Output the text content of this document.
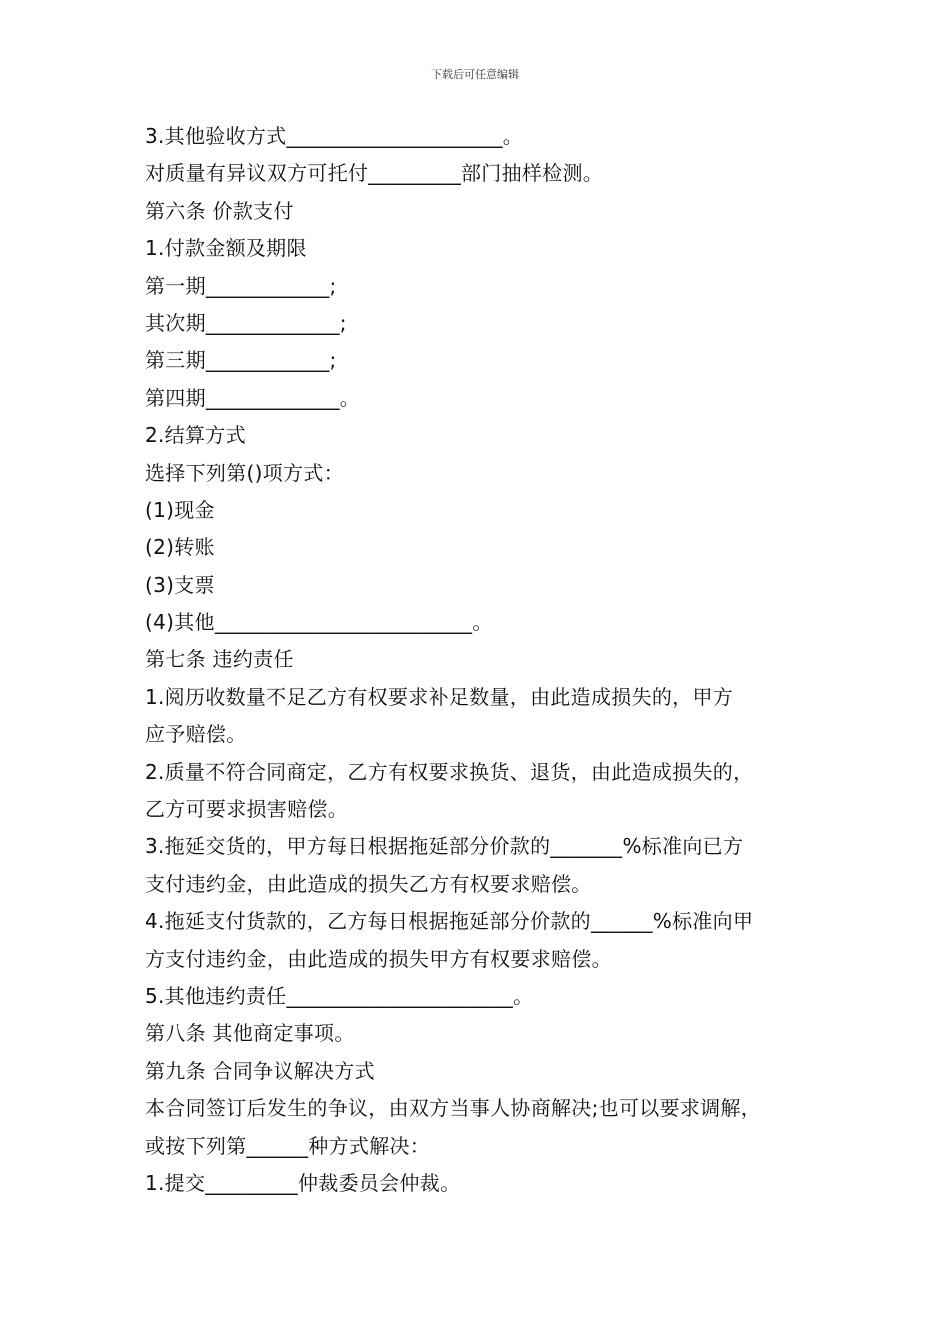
下载后可任意编辑
3.其他验收方式_____________________。
对质量有异议双方可托付_________部门抽样检测。
第六条 价款支付
1.付款金额及期限
第一期____________;
其次期_____________;
第三期____________;
第四期_____________。
2.结算方式
选择下列第()项方式：
(1)现金
(2)转账
(3)支票
(4)其他_________________________。
第七条 违约责任
1.阅历收数量不足乙方有权要求补足数量，由此造成损失的，甲方
应予赔偿。
2.质量不符合同商定，乙方有权要求换货、退货，由此造成损失的，
乙方可要求损害赔偿。
3.拖延交货的，甲方每日根据拖延部分价款的_______%标准向已方
支付违约金，由此造成的损失乙方有权要求赔偿。
4.拖延支付货款的，乙方每日根据拖延部分价款的______%标准向甲
方支付违约金，由此造成的损失甲方有权要求赔偿。
5.其他违约责任______________________。
第八条 其他商定事项。
第九条 合同争议解决方式
本合同签订后发生的争议，由双方当事人协商解决;也可以要求调解，
或按下列第______种方式解决：
1.提交_________仲裁委员会仲裁。
